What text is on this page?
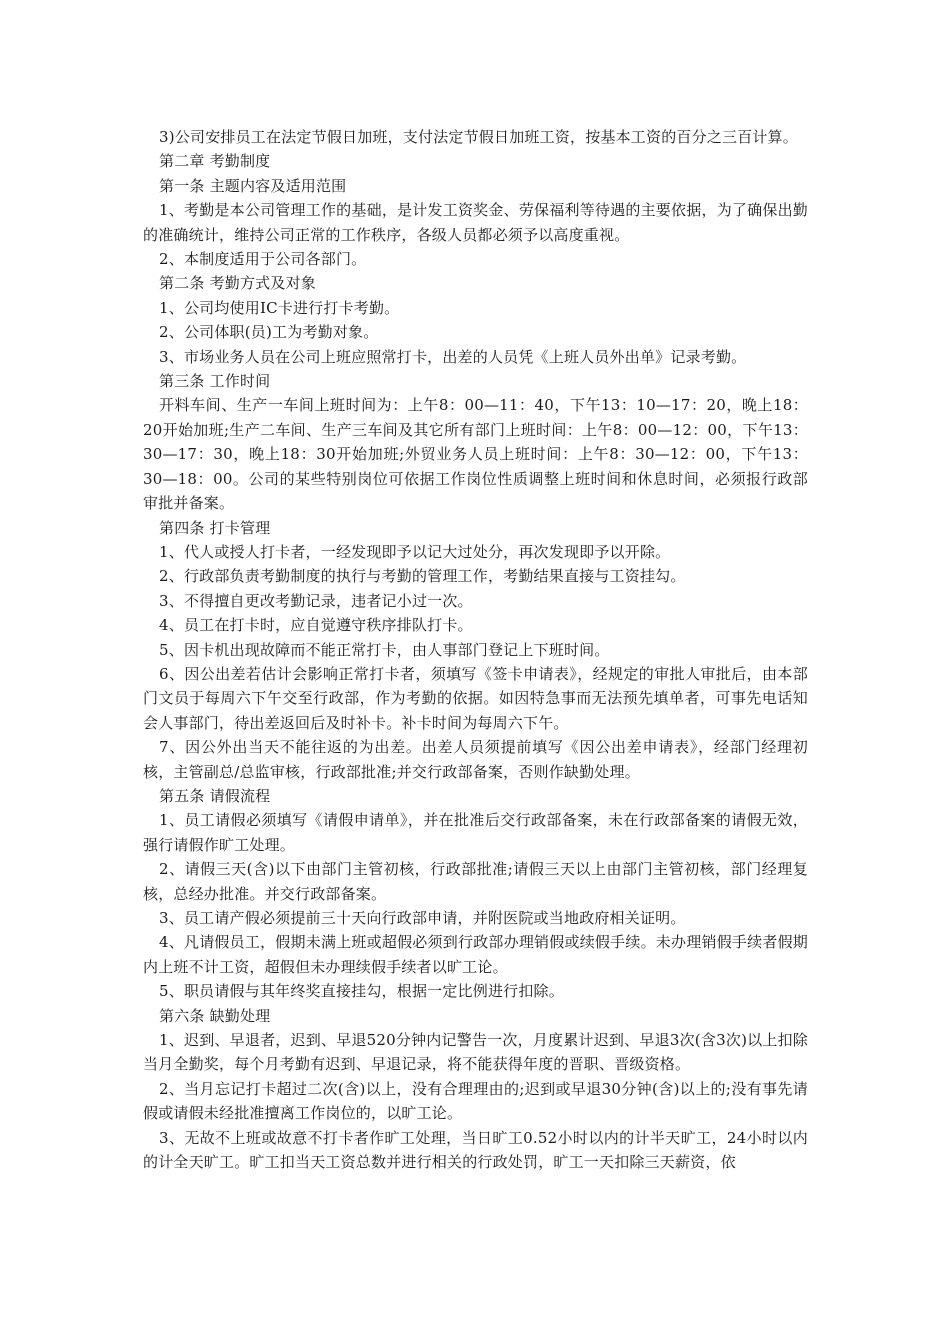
3)公司安排员工在法定节假日加班，支付法定节假日加班工资，按基本工资的百分之三百计算。

第二章 考勤制度

第一条 主题内容及适用范围

1、考勤是本公司管理工作的基础，是计发工资奖金、劳保福利等待遇的主要依据，为了确保出勤的准确统计，维持公司正常的工作秩序，各级人员都必须予以高度重视。

2、本制度适用于公司各部门。

第二条 考勤方式及对象

1、公司均使用IC卡进行打卡考勤。

2、公司体职(员)工为考勤对象。

3、市场业务人员在公司上班应照常打卡，出差的人员凭《上班人员外出单》记录考勤。

第三条 工作时间

开料车间、生产一车间上班时间为：上午8：00—11：40，下午13：10—17：20，晚上18：20开始加班;生产二车间、生产三车间及其它所有部门上班时间：上午8：00—12：00，下午13：30—17：30，晚上18：30开始加班;外贸业务人员上班时间：上午8：30—12：00，下午13：30—18：00。公司的某些特别岗位可依据工作岗位性质调整上班时间和休息时间，必须报行政部审批并备案。

第四条 打卡管理

1、代人或授人打卡者，一经发现即予以记大过处分，再次发现即予以开除。

2、行政部负责考勤制度的执行与考勤的管理工作，考勤结果直接与工资挂勾。

3、不得擅自更改考勤记录，违者记小过一次。

4、员工在打卡时，应自觉遵守秩序排队打卡。

5、因卡机出现故障而不能正常打卡，由人事部门登记上下班时间。

6、因公出差若估计会影响正常打卡者，须填写《签卡申请表》，经规定的审批人审批后，由本部门文员于每周六下午交至行政部，作为考勤的依据。如因特急事而无法预先填单者，可事先电话知会人事部门，待出差返回后及时补卡。补卡时间为每周六下午。

7、因公外出当天不能往返的为出差。出差人员须提前填写《因公出差申请表》，经部门经理初核，主管副总/总监审核，行政部批准;并交行政部备案，否则作缺勤处理。

第五条 请假流程

1、员工请假必须填写《请假申请单》，并在批准后交行政部备案，未在行政部备案的请假无效，强行请假作旷工处理。

2、请假三天(含)以下由部门主管初核，行政部批准;请假三天以上由部门主管初核，部门经理复核，总经办批准。并交行政部备案。

3、员工请产假必须提前三十天向行政部申请，并附医院或当地政府相关证明。

4、凡请假员工，假期未满上班或超假必须到行政部办理销假或续假手续。未办理销假手续者假期内上班不计工资，超假但未办理续假手续者以旷工论。

5、职员请假与其年终奖直接挂勾，根据一定比例进行扣除。

第六条 缺勤处理

1、迟到、早退者，迟到、早退520分钟内记警告一次，月度累计迟到、早退3次(含3次)以上扣除当月全勤奖，每个月考勤有迟到、早退记录，将不能获得年度的晋职、晋级资格。

2、当月忘记打卡超过二次(含)以上，没有合理理由的;迟到或早退30分钟(含)以上的;没有事先请假或请假未经批准擅离工作岗位的，以旷工论。

3、无故不上班或故意不打卡者作旷工处理，当日旷工0.52小时以内的计半天旷工，24小时以内的计全天旷工。旷工扣当天工资总数并进行相关的行政处罚，旷工一天扣除三天薪资，依
